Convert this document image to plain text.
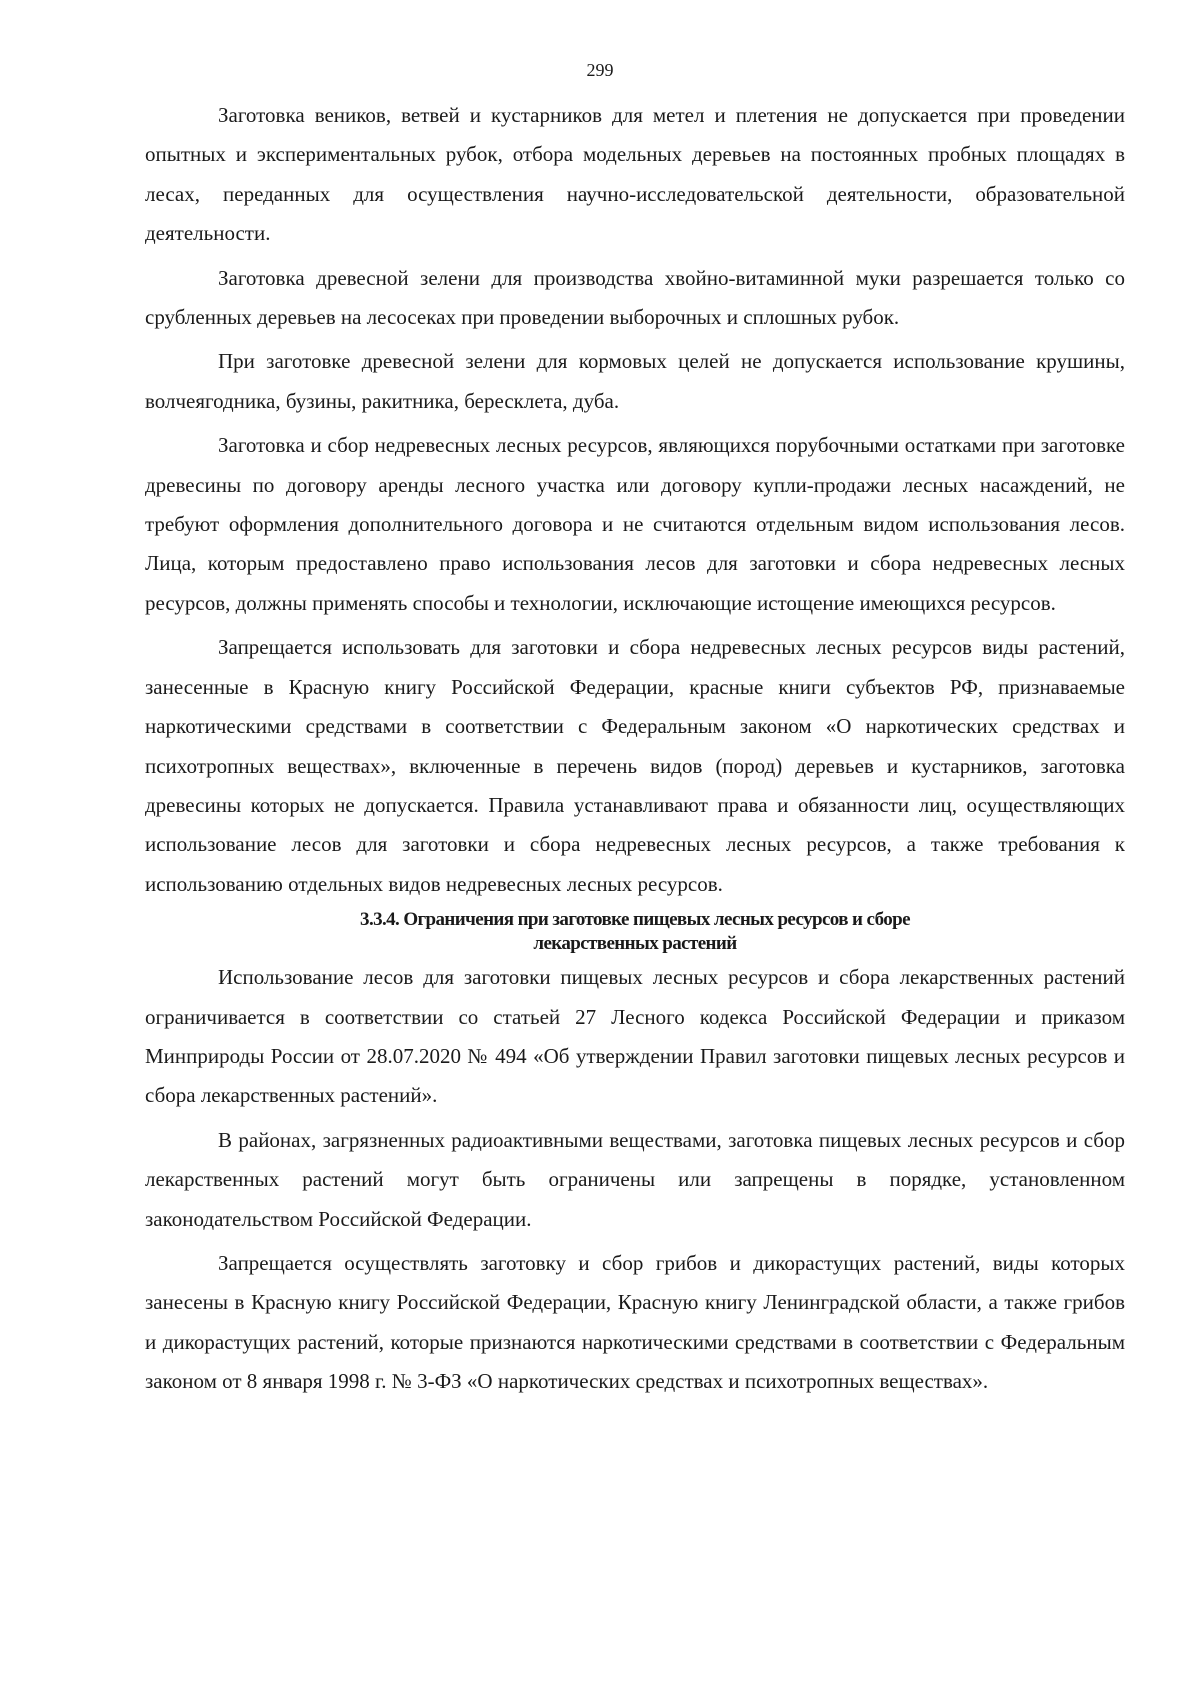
299

Заготовка веников, ветвей и кустарников для метел и плетения не допускается при проведении опытных и экспериментальных рубок, отбора модельных деревьев на постоянных пробных площадях в лесах, переданных для осуществления научно-исследовательской деятельности, образовательной деятельности.

Заготовка древесной зелени для производства хвойно-витаминной муки разрешается только со срубленных деревьев на лесосеках при проведении выборочных и сплошных рубок.

При заготовке древесной зелени для кормовых целей не допускается использование крушины, волчеягодника, бузины, ракитника, бересклета, дуба.

Заготовка и сбор недревесных лесных ресурсов, являющихся порубочными остатками при заготовке древесины по договору аренды лесного участка или договору купли-продажи лесных насаждений, не требуют оформления дополнительного договора и не считаются отдельным видом использования лесов. Лица, которым предоставлено право использования лесов для заготовки и сбора недревесных лесных ресурсов, должны применять способы и технологии, исключающие истощение имеющихся ресурсов.

Запрещается использовать для заготовки и сбора недревесных лесных ресурсов виды растений, занесенные в Красную книгу Российской Федерации, красные книги субъектов РФ, признаваемые наркотическими средствами в соответствии с Федеральным законом «О наркотических средствах и психотропных веществах», включенные в перечень видов (пород) деревьев и кустарников, заготовка древесины которых не допускается. Правила устанавливают права и обязанности лиц, осуществляющих использование лесов для заготовки и сбора недревесных лесных ресурсов, а также требования к использованию отдельных видов недревесных лесных ресурсов.

3.3.4. Ограничения при заготовке пищевых лесных ресурсов и сборе
лекарственных растений

Использование лесов для заготовки пищевых лесных ресурсов и сбора лекарственных растений ограничивается в соответствии со статьей 27 Лесного кодекса Российской Федерации и приказом Минприроды России от 28.07.2020 № 494 «Об утверждении Правил заготовки пищевых лесных ресурсов и сбора лекарственных растений».

В районах, загрязненных радиоактивными веществами, заготовка пищевых лесных ресурсов и сбор лекарственных растений могут быть ограничены или запрещены в порядке, установленном законодательством Российской Федерации.

Запрещается осуществлять заготовку и сбор грибов и дикорастущих растений, виды которых занесены в Красную книгу Российской Федерации, Красную книгу Ленинградской области, а также грибов и дикорастущих растений, которые признаются наркотическими средствами в соответствии с Федеральным законом от 8 января 1998 г. № 3-ФЗ «О наркотических средствах и психотропных веществах».
